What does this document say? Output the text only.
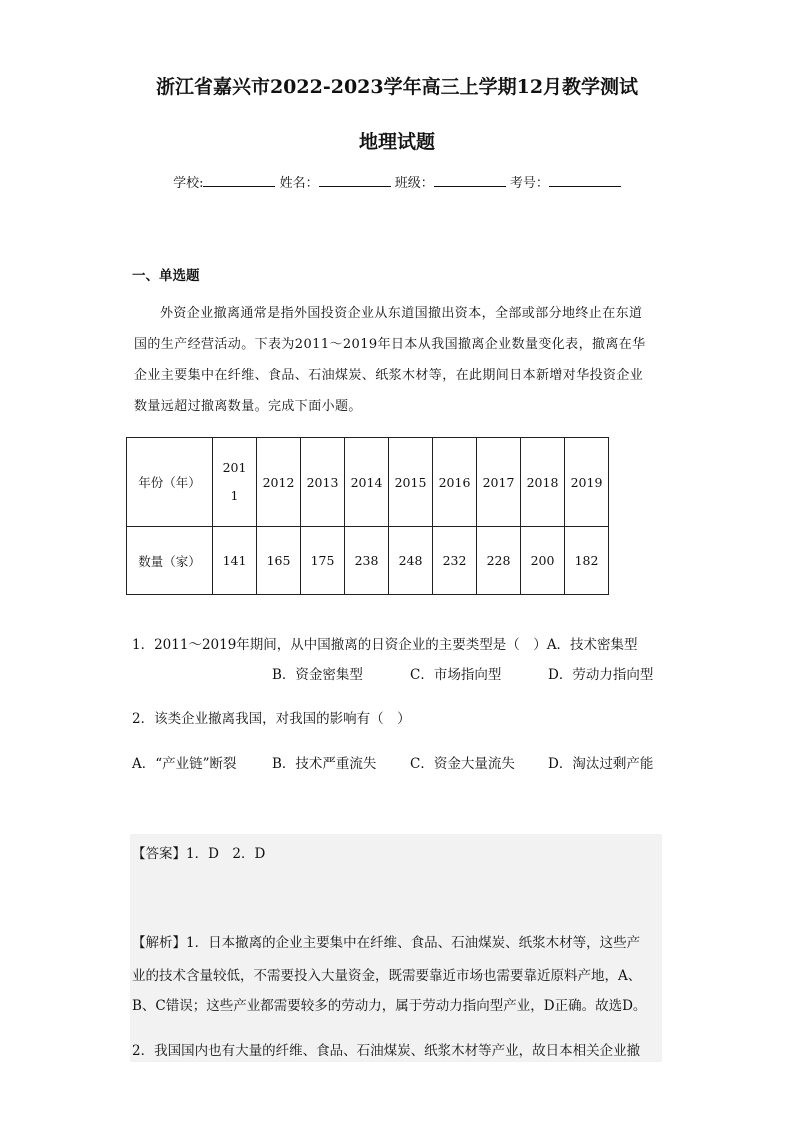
浙江省嘉兴市2022-2023学年高三上学期12月教学测试
地理试题
学校:	姓名：	班级：	考号：
一、单选题
外资企业撤离通常是指外国投资企业从东道国撤出资本，全部或部分地终止在东道
国的生产经营活动。下表为2011～2019年日本从我国撤离企业数量变化表，撤离在华
企业主要集中在纤维、食品、石油煤炭、纸浆木材等，在此期间日本新增对华投资企业
数量远超过撤离数量。完成下面小题。
年份（年）	201
1	2012	2013	2014	2015	2016	2017	2018	2019
数量（家）	141	165	175	238	248	232	228	200	182
1．2011～2019年期间，从中国撤离的日资企业的主要类型是（　）A．技术密集型
B．资金密集型	C．市场指向型	D．劳动力指向型
2．该类企业撤离我国，对我国的影响有（　）
A．“产业链”断裂	B．技术严重流失 C．资金大量流失 D．淘汰过剩产能
【答案】1．D　2．D
【解析】1．日本撤离的企业主要集中在纤维、食品、石油煤炭、纸浆木材等，这些产
业的技术含量较低，不需要投入大量资金，既需要靠近市场也需要靠近原料产地，A、
B、C错误；这些产业都需要较多的劳动力，属于劳动力指向型产业，D正确。故选D。
2．我国国内也有大量的纤维、食品、石油煤炭、纸浆木材等产业，故日本相关企业撤
